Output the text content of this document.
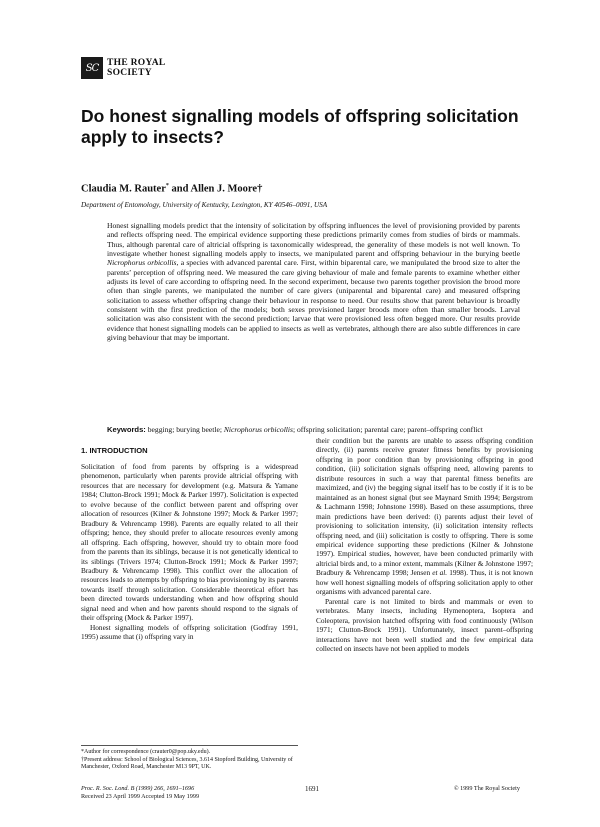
SC THE ROYAL
SOCIETY
Do honest signalling models of offspring solicitation apply to insects?

Claudia M. Rauter* and Allen J. Moore†

Department of Entomology, University of Kentucky, Lexington, KY 40546–0091, USA

Honest signalling models predict that the intensity of solicitation by offspring influences the level of provisioning provided by parents and reflects offspring need. The empirical evidence supporting these predictions primarily comes from studies of birds or mammals. Thus, although parental care of altricial offspring is taxonomically widespread, the generality of these models is not well known. To investigate whether honest signalling models apply to insects, we manipulated parent and offspring behaviour in the burying beetle Nicrophorus orbicollis, a species with advanced parental care. First, within biparental care, we manipulated the brood size to alter the parents’ perception of offspring need. We measured the care giving behaviour of male and female parents to examine whether either adjusts its level of care according to offspring need. In the second experiment, because two parents together provision the brood more often than single parents, we manipulated the number of care givers (uniparental and biparental care) and measured offspring solicitation to assess whether offspring change their behaviour in response to need. Our results show that parent behaviour is broadly consistent with the first prediction of the models; both sexes provisioned larger broods more often than smaller broods. Larval solicitation was also consistent with the second prediction; larvae that were provisioned less often begged more. Our results provide evidence that honest signalling models can be applied to insects as well as vertebrates, although there are also subtle differences in care giving behaviour that may be important.

Keywords: begging; burying beetle; Nicrophorus orbicollis; offspring solicitation; parental care; parent–offspring conflict

1. INTRODUCTION

Solicitation of food from parents by offspring is a widespread phenomenon, particularly when parents provide altricial offspring with resources that are necessary for development (e.g. Matsura & Yamane 1984; Clutton-Brock 1991; Mock & Parker 1997). Solicitation is expected to evolve because of the conflict between parent and offspring over allocation of resources (Kilner & Johnstone 1997; Mock & Parker 1997; Bradbury & Vehrencamp 1998). Parents are equally related to all their offspring; hence, they should prefer to allocate resources evenly among all offspring. Each offspring, however, should try to obtain more food from the parents than its siblings, because it is not genetically identical to its siblings (Trivers 1974; Clutton-Brock 1991; Mock & Parker 1997; Bradbury & Vehrencamp 1998). This conflict over the allocation of resources leads to attempts by offspring to bias provisioning by its parents towards itself through solicitation. Considerable theoretical effort has been directed towards understanding when and how offspring should signal need and when and how parents should respond to the signals of their offspring (Mock & Parker 1997).

Honest signalling models of offspring solicitation (Godfray 1991, 1995) assume that (i) offspring vary in

their condition but the parents are unable to assess offspring condition directly, (ii) parents receive greater fitness benefits by provisioning offspring in poor condition than by provisioning offspring in good condition, (iii) solicitation signals offspring need, allowing parents to distribute resources in such a way that parental fitness benefits are maximized, and (iv) the begging signal itself has to be costly if it is to be maintained as an honest signal (but see Maynard Smith 1994; Bergstrom & Lachmann 1998; Johnstone 1998). Based on these assumptions, three main predictions have been derived: (i) parents adjust their level of provisioning to solicitation intensity, (ii) solicitation intensity reflects offspring need, and (iii) solicitation is costly to offspring. There is some empirical evidence supporting these predictions (Kilner & Johnstone 1997). Empirical studies, however, have been conducted primarily with altricial birds and, to a minor extent, mammals (Kilner & Johnstone 1997; Bradbury & Vehrencamp 1998; Jensen et al. 1998). Thus, it is not known how well honest signalling models of offspring solicitation apply to other organisms with advanced parental care.

Parental care is not limited to birds and mammals or even to vertebrates. Many insects, including Hymenoptera, Isoptera and Coleoptera, provision hatched offspring with food continuously (Wilson 1971; Clutton-Brock 1991). Unfortunately, insect parent–offspring interactions have not been well studied and the few empirical data collected on insects have not been applied to models

*Author for correspondence (crauter0@pop.uky.edu).

†Present address: School of Biological Sciences, 3.614 Stopford Building, University of Manchester, Oxford Road, Manchester M13 9PT, UK.

Proc. R. Soc. Lond. B (1999) 266, 1691–1696
Received 23 April 1999 Accepted 19 May 1999
1691	© 1999 The Royal Society
